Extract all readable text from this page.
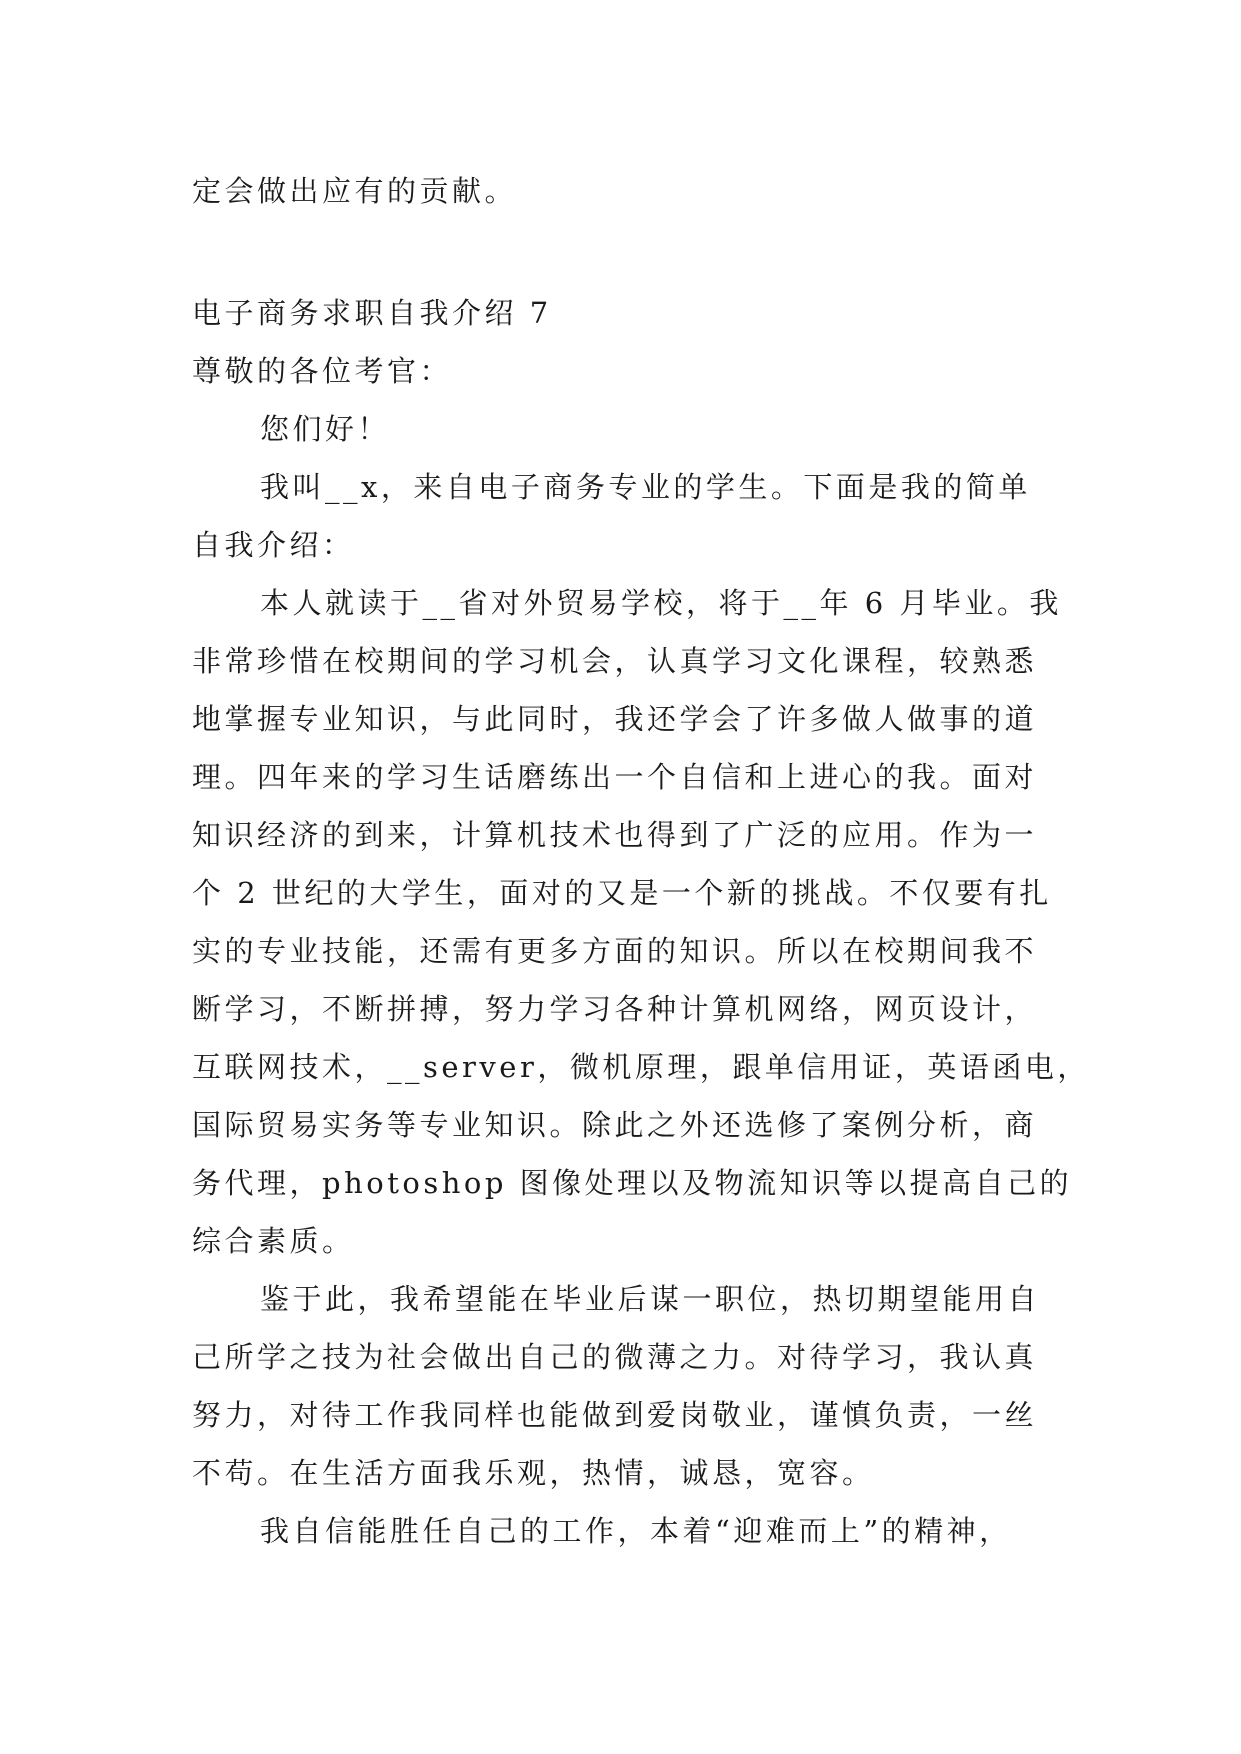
定会做出应有的贡献。
电子商务求职自我介绍 7
尊敬的各位考官：
您们好！
我叫__x，来自电子商务专业的学生。下面是我的简单
自我介绍：
本人就读于__省对外贸易学校，将于__年 6 月毕业。我
非常珍惜在校期间的学习机会，认真学习文化课程，较熟悉
地掌握专业知识，与此同时，我还学会了许多做人做事的道
理。四年来的学习生话磨练出一个自信和上进心的我。面对
知识经济的到来，计算机技术也得到了广泛的应用。作为一
个 2 世纪的大学生，面对的又是一个新的挑战。不仅要有扎
实的专业技能，还需有更多方面的知识。所以在校期间我不
断学习，不断拼搏，努力学习各种计算机网络，网页设计，
互联网技术，__server，微机原理，跟单信用证，英语函电，
国际贸易实务等专业知识。除此之外还选修了案例分析，商
务代理，photoshop 图像处理以及物流知识等以提高自己的
综合素质。
鉴于此，我希望能在毕业后谋一职位，热切期望能用自
己所学之技为社会做出自己的微薄之力。对待学习，我认真
努力，对待工作我同样也能做到爱岗敬业，谨慎负责，一丝
不苟。在生活方面我乐观，热情，诚恳，宽容。
我自信能胜任自己的工作，本着“迎难而上”的精神，
